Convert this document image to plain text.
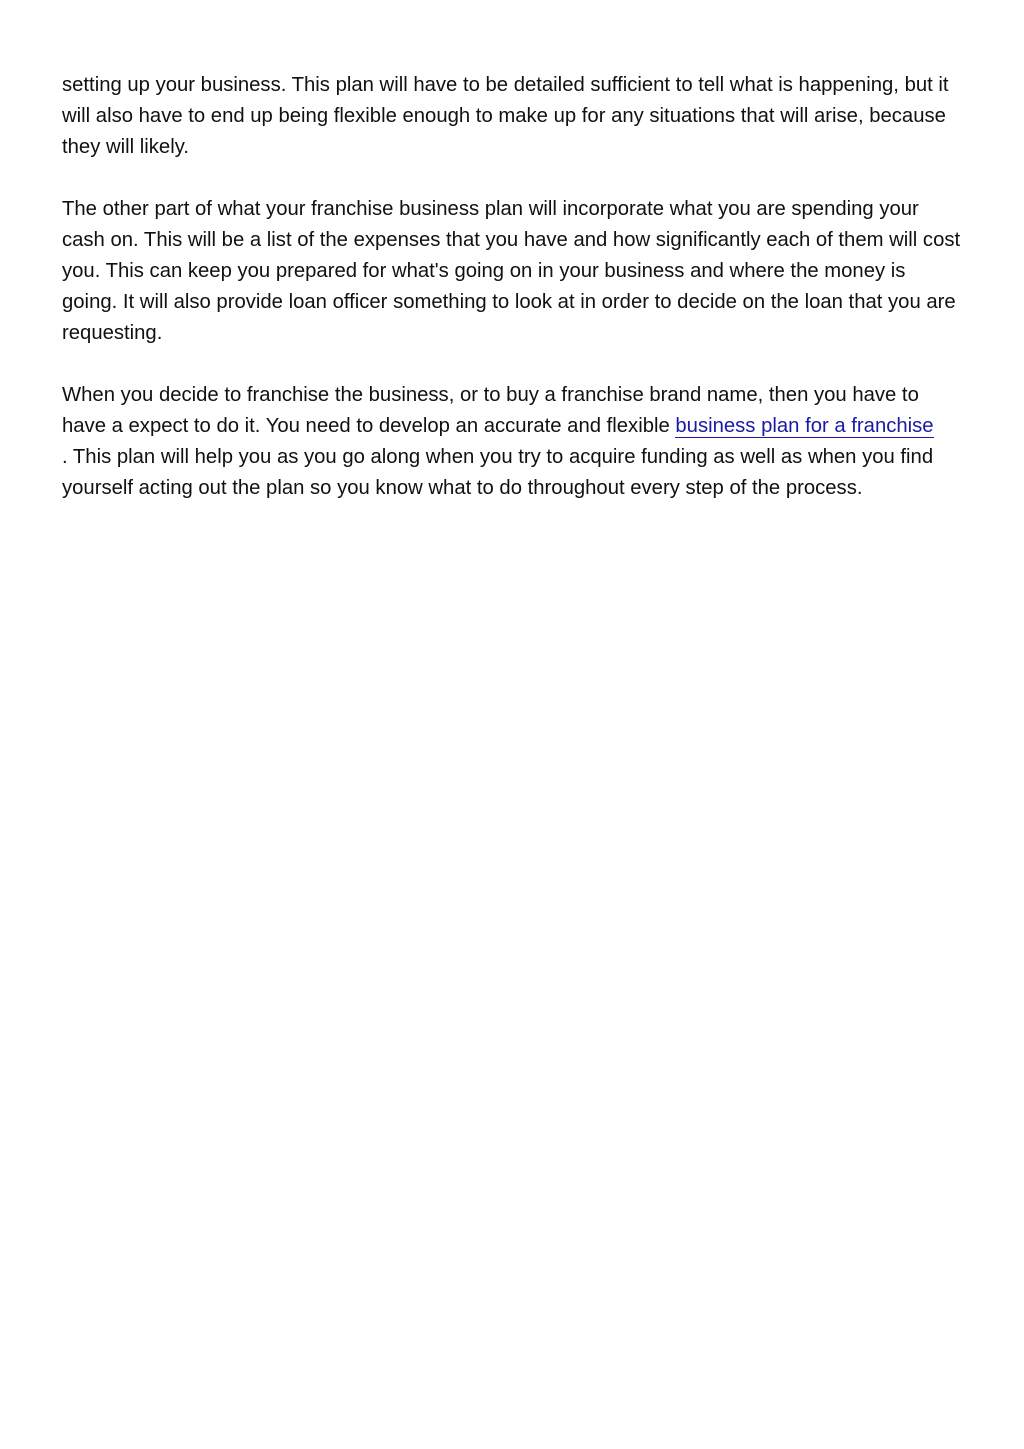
setting up your business. This plan will have to be detailed sufficient to tell what is happening, but it will also have to end up being flexible enough to make up for any situations that will arise, because they will likely.

The other part of what your franchise business plan will incorporate what you are spending your cash on. This will be a list of the expenses that you have and how significantly each of them will cost you. This can keep you prepared for what's going on in your business and where the money is going. It will also provide loan officer something to look at in order to decide on the loan that you are requesting.

When you decide to franchise the business, or to buy a franchise brand name, then you have to have a expect to do it. You need to develop an accurate and flexible business plan for a franchise
. This plan will help you as you go along when you try to acquire funding as well as when you find yourself acting out the plan so you know what to do throughout every step of the process.
